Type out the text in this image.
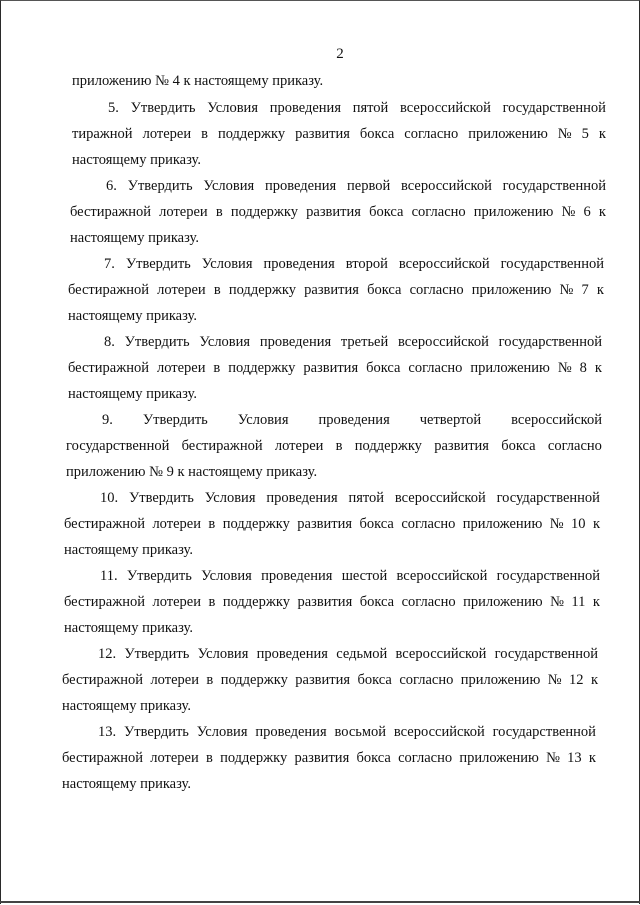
2
приложению № 4 к настоящему приказу.
5. Утвердить Условия проведения пятой всероссийской государственной
тиражной лотереи в поддержку развития бокса согласно приложению № 5 к
настоящему приказу.
6. Утвердить Условия проведения первой всероссийской государственной
бестиражной лотереи в поддержку развития бокса согласно приложению № 6 к
настоящему приказу.
7. Утвердить Условия проведения второй всероссийской государственной
бестиражной лотереи в поддержку развития бокса согласно приложению № 7 к
настоящему приказу.
8. Утвердить Условия проведения третьей всероссийской государственной
бестиражной лотереи в поддержку развития бокса согласно приложению № 8 к
настоящему приказу.
9. Утвердить Условия проведения четвертой всероссийской
государственной бестиражной лотереи в поддержку развития бокса согласно
приложению № 9 к настоящему приказу.
10. Утвердить Условия проведения пятой всероссийской государственной
бестиражной лотереи в поддержку развития бокса согласно приложению № 10 к
настоящему приказу.
11. Утвердить Условия проведения шестой всероссийской государственной
бестиражной лотереи в поддержку развития бокса согласно приложению № 11 к
настоящему приказу.
12. Утвердить Условия проведения седьмой всероссийской государственной
бестиражной лотереи в поддержку развития бокса согласно приложению № 12 к
настоящему приказу.
13. Утвердить Условия проведения восьмой всероссийской государственной
бестиражной лотереи в поддержку развития бокса согласно приложению № 13 к
настоящему приказу.
